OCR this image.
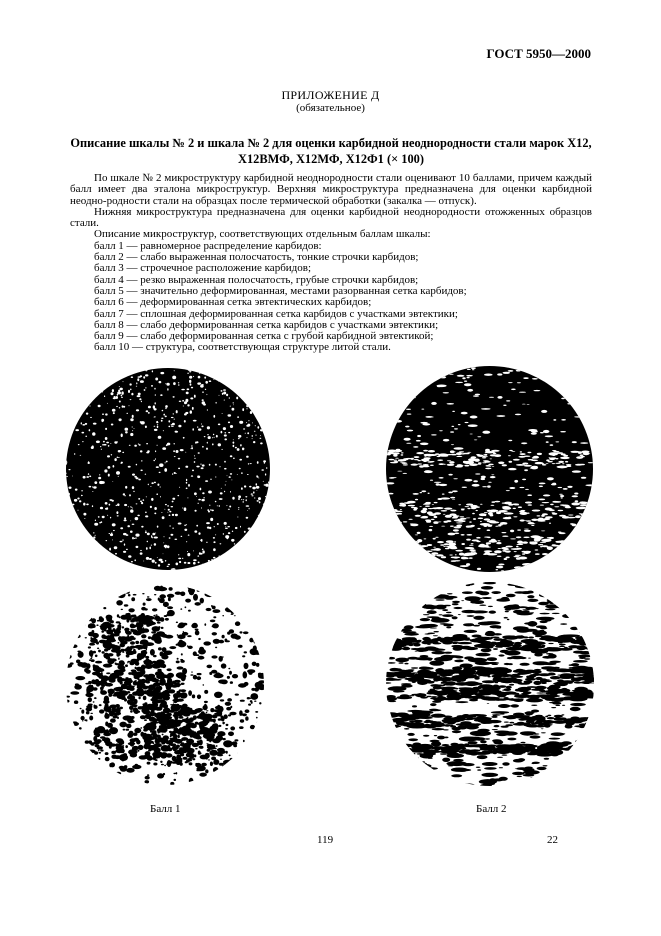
ГОСТ 5950—2000
ПРИЛОЖЕНИЕ Д
(обязательное)
Описание шкалы № 2 и шкала № 2 для оценки карбидной неоднородности стали марок Х12,
Х12ВМФ, Х12МФ, Х12Ф1 (× 100)

По шкале № 2 микроструктуру карбидной неоднородности стали оценивают 10 баллами, причем каждый балл имеет два эталона микроструктур. Верхняя микроструктура предназначена для оценки карбидной неодно-родности стали на образцах после термической обработки (закалка — отпуск).

Нижняя микроструктура предназначена для оценки карбидной неоднородности отожженных образцов стали.

Описание микроструктур, соответствующих отдельным баллам шкалы:

балл 1 — равномерное распределение карбидов:
балл 2 — слабо выраженная полосчатость, тонкие строчки карбидов;
балл 3 — строчечное расположение карбидов;
балл 4 — резко выраженная полосчатость, грубые строчки карбидов;
балл 5 — значительно деформированная, местами разорванная сетка карбидов;
балл 6 — деформированная сетка эвтектических карбидов;
балл 7 — сплошная деформированная сетка карбидов с участками эвтектики;
балл 8 — слабо деформированная сетка карбидов с участками эвтектики;
балл 9 — слабо деформированная сетка с грубой карбидной эвтектикой;
балл 10 — структура, соответствующая структуре литой стали.
Балл 1	Балл 2
119	22
